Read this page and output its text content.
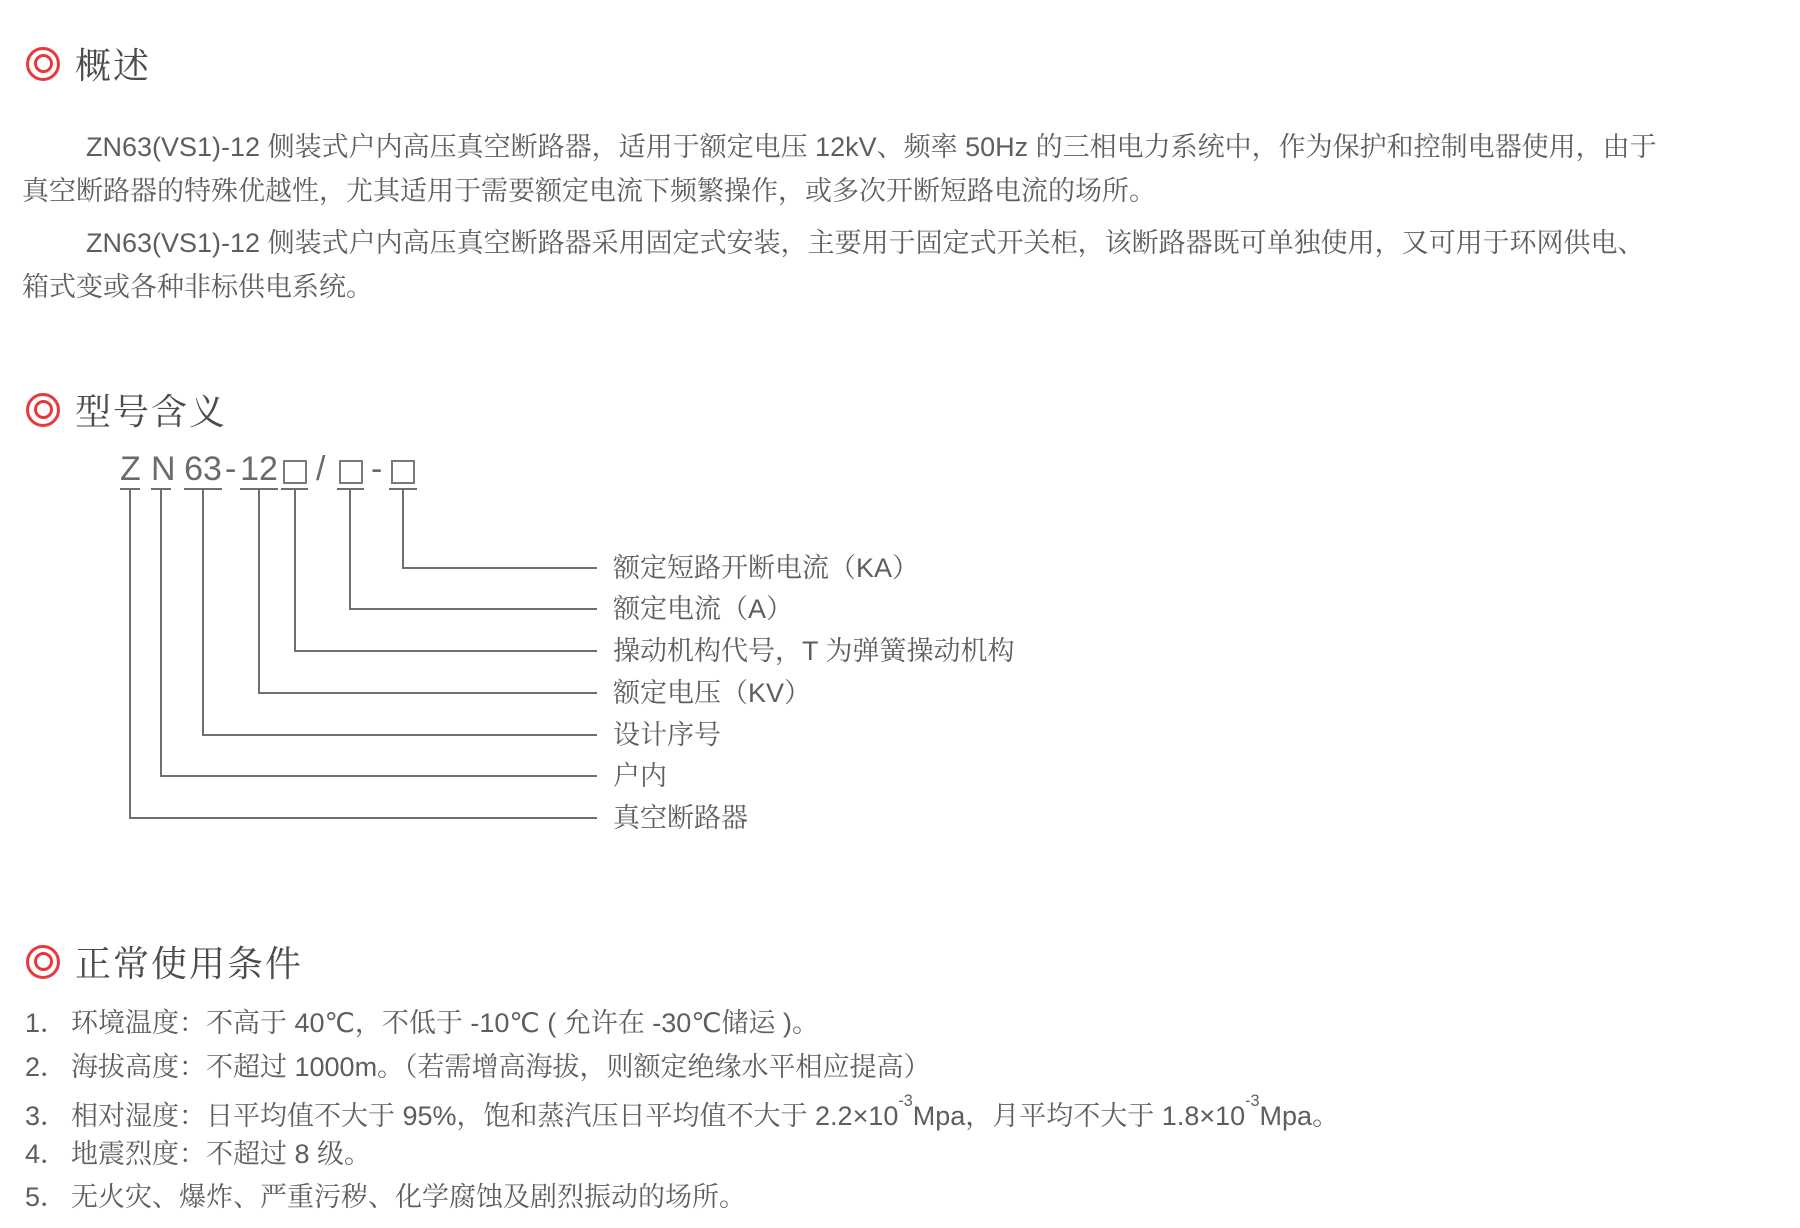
概述
ZN63(VS1)-12 侧装式户内高压真空断路器，适用于额定电压 12kV、频率 50Hz 的三相电力系统中，作为保护和控制电器使用，由于
真空断路器的特殊优越性，尤其适用于需要额定电流下频繁操作，或多次开断短路电流的场所。
ZN63(VS1)-12 侧装式户内高压真空断路器采用固定式安装，主要用于固定式开关柜，该断路器既可单独使用，又可用于环网供电、
箱式变或各种非标供电系统。
型号含义
Z N 63 - 12 / -
额定短路开断电流（KA）
额定电流（A）
操动机构代号，T 为弹簧操动机构
额定电压（KV）
设计序号
户内
真空断路器
正常使用条件
1． 环境温度：不高于 40℃，不低于 -10℃ ( 允许在 -30℃储运 )。
2． 海拔高度：不超过 1000m。（若需增高海拔，则额定绝缘水平相应提高）
3． 相对湿度：日平均值不大于 95%，饱和蒸汽压日平均值不大于 $2.2\times 10^{-3}Mpa$，月平均不大于 $1.8\times 10^{-3}Mpa$。
4． 地震烈度：不超过 8 级。
5． 无火灾、爆炸、严重污秽、化学腐蚀及剧烈振动的场所。
